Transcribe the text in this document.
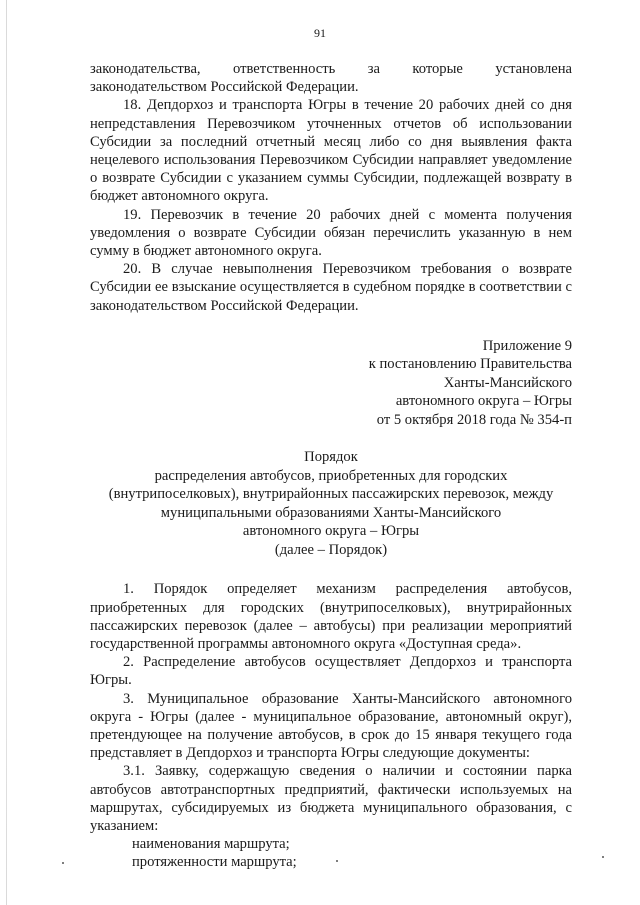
91

законодательства, ответственность за которые установлена законодательством Российской Федерации.

18. Депдорхоз и транспорта Югры в течение 20 рабочих дней со дня непредставления Перевозчиком уточненных отчетов об использовании Субсидии за последний отчетный месяц либо со дня выявления факта нецелевого использования Перевозчиком Субсидии направляет уведомление о возврате Субсидии с указанием суммы Субсидии, подлежащей возврату в бюджет автономного округа.

19. Перевозчик в течение 20 рабочих дней с момента получения уведомления о возврате Субсидии обязан перечислить указанную в нем сумму в бюджет автономного округа.

20. В случае невыполнения Перевозчиком требования о возврате Субсидии ее взыскание осуществляется в судебном порядке в соответствии с законодательством Российской Федерации.

Приложение 9
к постановлению Правительства
Ханты-Мансийского
автономного округа – Югры
от 5 октября 2018 года № 354-п
Порядок
распределения автобусов, приобретенных для городских
(внутрипоселковых), внутрирайонных пассажирских перевозок, между
муниципальными образованиями Ханты-Мансийского
автономного округа – Югры
(далее – Порядок)

1. Порядок определяет механизм распределения автобусов, приобретенных для городских (внутрипоселковых), внутрирайонных пассажирских перевозок (далее – автобусы) при реализации мероприятий государственной программы автономного округа «Доступная среда».

2. Распределение автобусов осуществляет Депдорхоз и транспорта Югры.

3. Муниципальное образование Ханты-Мансийского автономного округа - Югры (далее - муниципальное образование, автономный округ), претендующее на получение автобусов, в срок до 15 января текущего года представляет в Депдорхоз и транспорта Югры следующие документы:

3.1. Заявку, содержащую сведения о наличии и состоянии парка автобусов автотранспортных предприятий, фактически используемых на маршрутах, субсидируемых из бюджета муниципального образования, с указанием:

наименования маршрута;

протяженности маршрута;
